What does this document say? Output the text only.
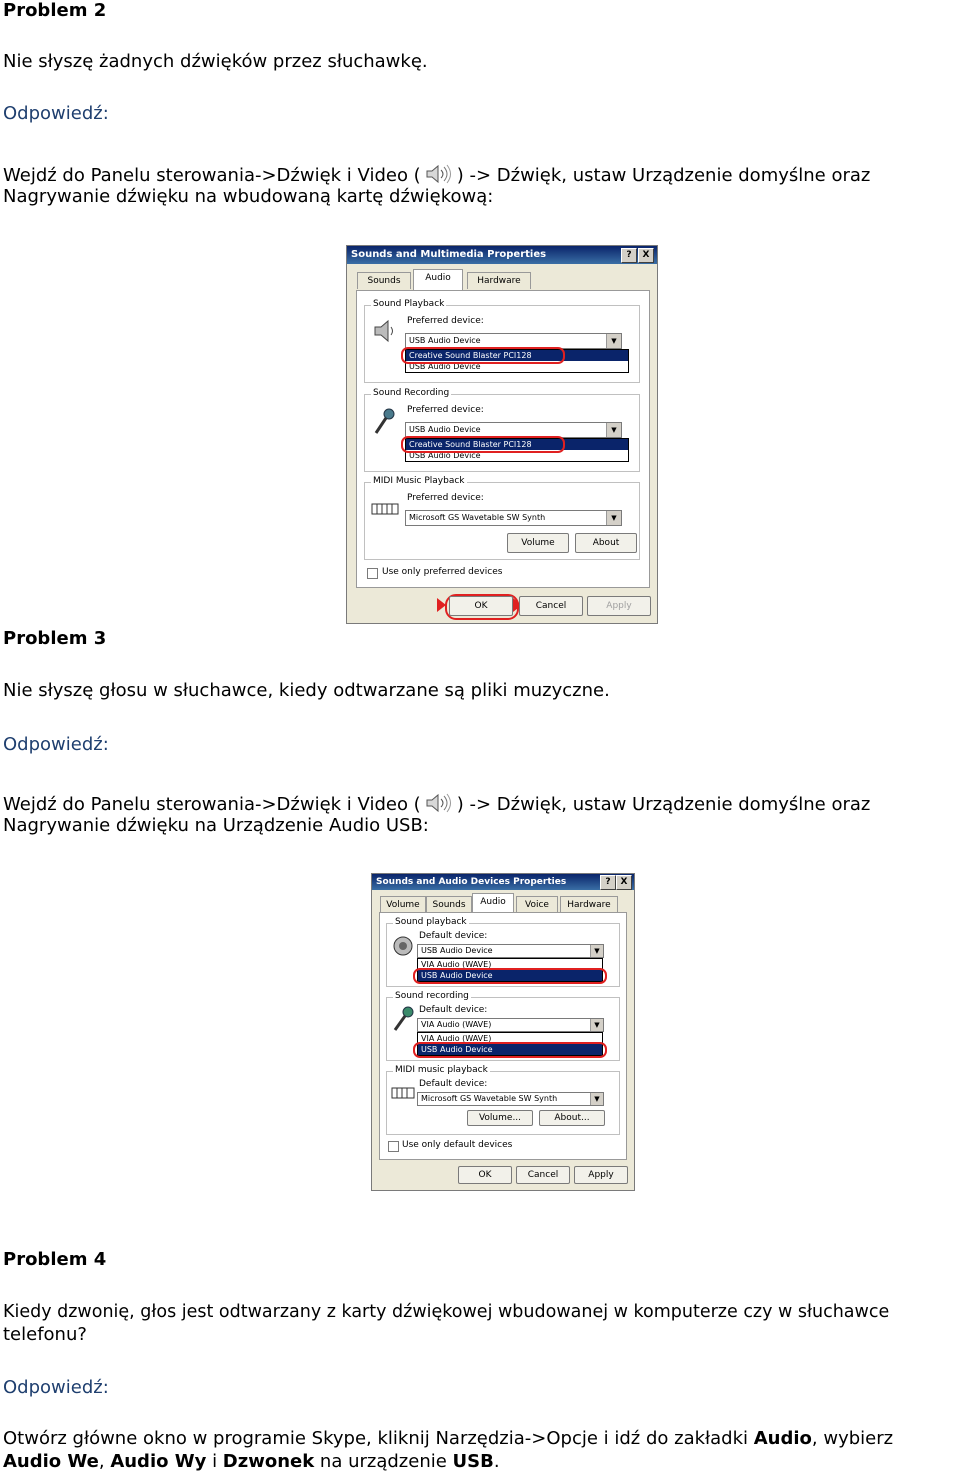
Problem 2
Nie słyszę żadnych dźwięków przez słuchawkę.
Odpowiedź:
Wejdź do Panelu sterowania->Dźwięk i Video ( ) -> Dźwięk, ustaw Urządzenie domyślne oraz
Nagrywanie dźwięku na wbudowaną kartę dźwiękową:
Sounds and Multimedia Properties	?	X
Sounds	Audio	Hardware
Sound Playback
Preferred device:
USB Audio Device	▼
Creative Sound Blaster PCI128
USB Audio Device
Sound Recording
Preferred device:
USB Audio Device	▼
Creative Sound Blaster PCI128
USB Audio Device
MIDI Music Playback
Preferred device:
Microsoft GS Wavetable SW Synth	▼
Volume	About
Use only preferred devices
OK	Cancel	Apply
Problem 3
Nie słyszę głosu w słuchawce, kiedy odtwarzane są pliki muzyczne.
Odpowiedź:
Wejdź do Panelu sterowania->Dźwięk i Video ( ) -> Dźwięk, ustaw Urządzenie domyślne oraz
Nagrywanie dźwięku na Urządzenie Audio USB:
Sounds and Audio Devices Properties	?	X
Volume	Sounds	Audio	Voice	Hardware
Sound playback
Default device:
USB Audio Device	▼
VIA Audio (WAVE)
USB Audio Device
Sound recording
Default device:
VIA Audio (WAVE)	▼
VIA Audio (WAVE)
USB Audio Device
MIDI music playback
Default device:
Microsoft GS Wavetable SW Synth	▼
Volume...	About...
Use only default devices
OK	Cancel	Apply
Problem 4
Kiedy dzwonię, głos jest odtwarzany z karty dźwiękowej wbudowanej w komputerze czy w słuchawce
telefonu?
Odpowiedź:
Otwórz główne okno w programie Skype, kliknij Narzędzia->Opcje i idź do zakładki Audio, wybierz
Audio We, Audio Wy i Dzwonek na urządzenie USB.
